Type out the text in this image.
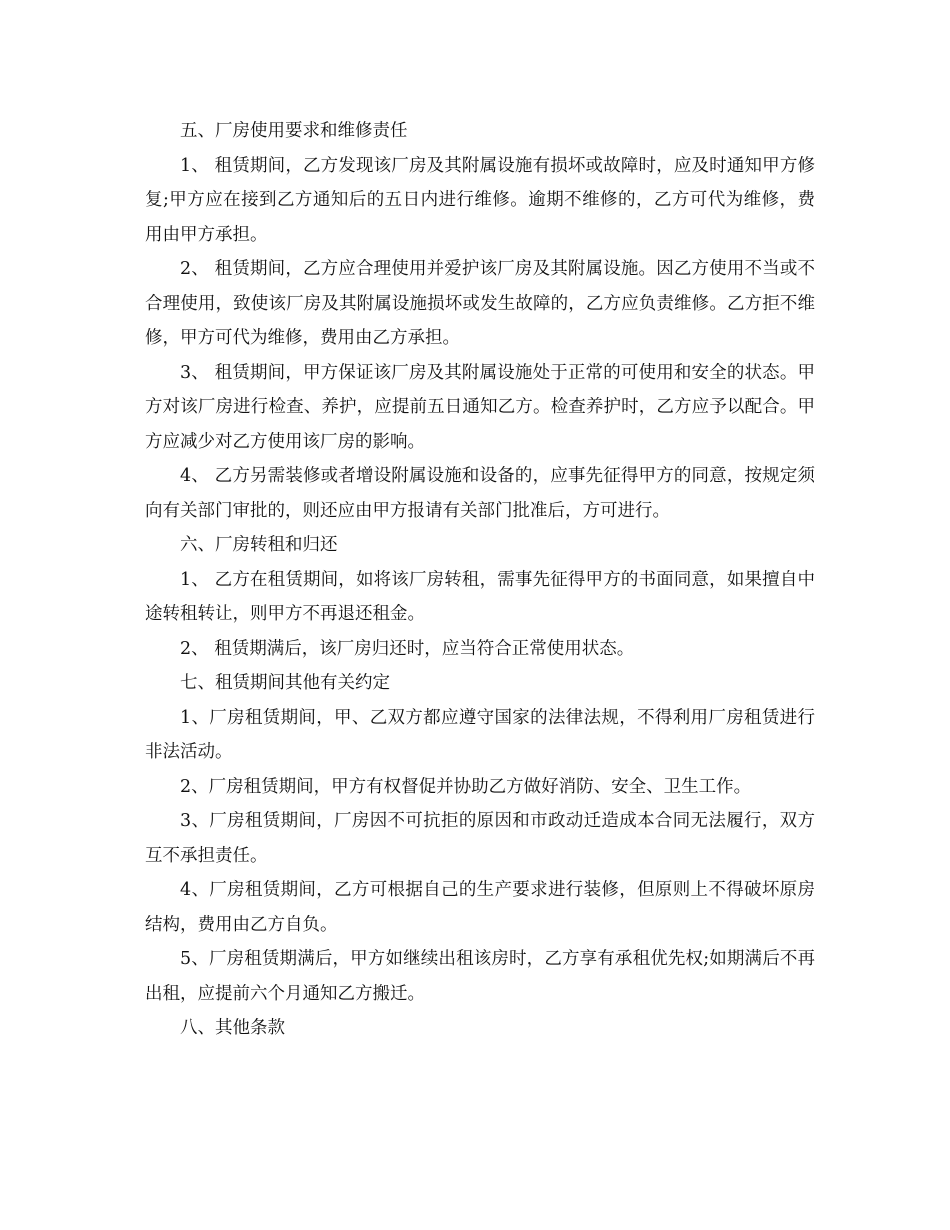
五、厂房使用要求和维修责任

1、 租赁期间，乙方发现该厂房及其附属设施有损坏或故障时，应及时通知甲方修复;甲方应在接到乙方通知后的五日内进行维修。逾期不维修的，乙方可代为维修，费用由甲方承担。

2、 租赁期间，乙方应合理使用并爱护该厂房及其附属设施。因乙方使用不当或不合理使用，致使该厂房及其附属设施损坏或发生故障的，乙方应负责维修。乙方拒不维修，甲方可代为维修，费用由乙方承担。

3、 租赁期间，甲方保证该厂房及其附属设施处于正常的可使用和安全的状态。甲方对该厂房进行检查、养护，应提前五日通知乙方。检查养护时，乙方应予以配合。甲方应减少对乙方使用该厂房的影响。

4、 乙方另需装修或者增设附属设施和设备的，应事先征得甲方的同意，按规定须向有关部门审批的，则还应由甲方报请有关部门批准后，方可进行。

六、厂房转租和归还

1、 乙方在租赁期间，如将该厂房转租，需事先征得甲方的书面同意，如果擅自中途转租转让，则甲方不再退还租金。

2、 租赁期满后，该厂房归还时，应当符合正常使用状态。

七、租赁期间其他有关约定

1、厂房租赁期间，甲、乙双方都应遵守国家的法律法规，不得利用厂房租赁进行非法活动。

2、厂房租赁期间，甲方有权督促并协助乙方做好消防、安全、卫生工作。

3、厂房租赁期间，厂房因不可抗拒的原因和市政动迁造成本合同无法履行，双方互不承担责任。

4、厂房租赁期间，乙方可根据自己的生产要求进行装修，但原则上不得破坏原房结构，费用由乙方自负。

5、厂房租赁期满后，甲方如继续出租该房时，乙方享有承租优先权;如期满后不再出租，应提前六个月通知乙方搬迁。

八、其他条款
